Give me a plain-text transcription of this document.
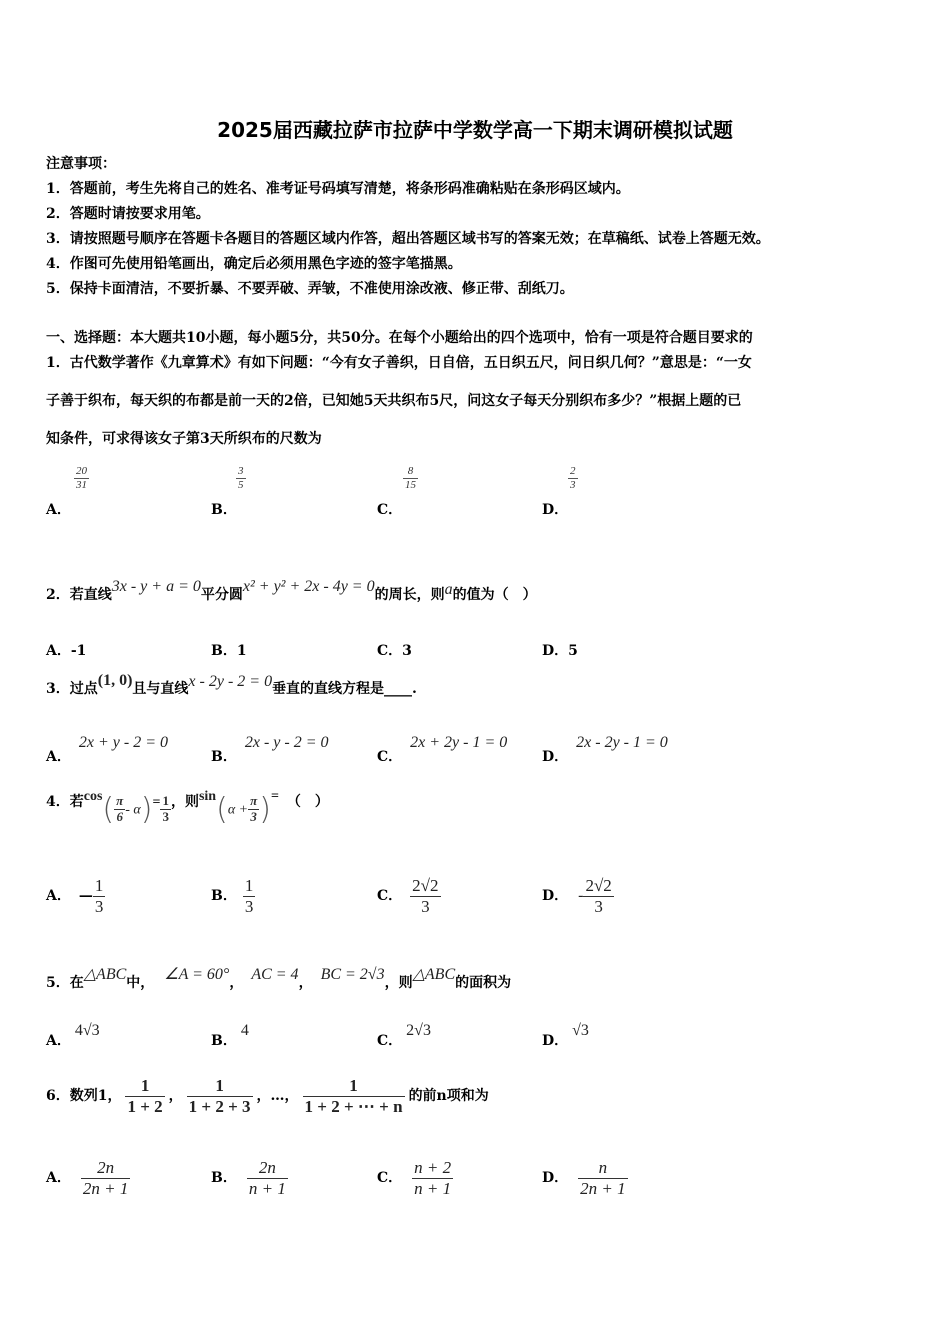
2025届西藏拉萨市拉萨中学数学高一下期末调研模拟试题
注意事项：
1．答题前，考生先将自己的姓名、准考证号码填写清楚，将条形码准确粘贴在条形码区域内。
2．答题时请按要求用笔。
3．请按照题号顺序在答题卡各题目的答题区域内作答，超出答题区域书写的答案无效；在草稿纸、试卷上答题无效。
4．作图可先使用铅笔画出，确定后必须用黑色字迹的签字笔描黑。
5．保持卡面清洁，不要折暴、不要弄破、弄皱，不准使用涂改液、修正带、刮纸刀。
一、选择题：本大题共10小题，每小题5分，共50分。在每个小题给出的四个选项中，恰有一项是符合题目要求的
1．古代数学著作《九章算术》有如下问题：“今有女子善织，日自倍，五日织五尺，问日织几何？”意思是：“一女
子善于织布，每天织的布都是前一天的2倍，已知她5天共织布5尺，问这女子每天分别织布多少？”根据上题的已
知条件，可求得该女子第3天所织布的尺数为
A．
$\frac{20}{31}$
B．
$\frac{3}{5}$
C．
$\frac{8}{15}$
D．
$\frac{2}{3}$
2．若直线3x - y + a = 0平分圆x² + y² + 2x - 4y = 0的周长，则a的值为（　）
A．-1	B．1	C．3	D．5
3．过点(1, 0)且与直线x - 2y - 2 = 0垂直的直线方程是____.
A．2x + y - 2 = 0
B．2x - y - 2 = 0
C．2x + 2y - 1 = 0
D．2x - 2y - 1 = 0
4．若$\cos( \frac{\pi}{6} - \alpha)= \frac{1}{3}$ ，则$\sin(\alpha + \frac{\pi}{3}$ )= （　）
A． — $\frac{1}{3}$	B． $\frac{1}{3}$	C． $\frac{2√2}{3}$	D． - $\frac{2√2}{3}$
5．在△ABC中， ∠A = 60°， AC = 4， BC = 2√3，则△ABC的面积为
A．4√3
B．4
C．2√3
D．√3
6．数列1， $\frac{1}{1 + 2}$ ， $\frac{1}{1 + 2 + 3}$ ，…， $\frac{1}{1 + 2 + \cdots + n}$ 的前n项和为
A． $\frac{2n}{2n + 1}$	B． $\frac{2n}{n + 1}$	C． $\frac{n + 2}{n + 1}$	D． $\frac{n}{2n + 1}$
